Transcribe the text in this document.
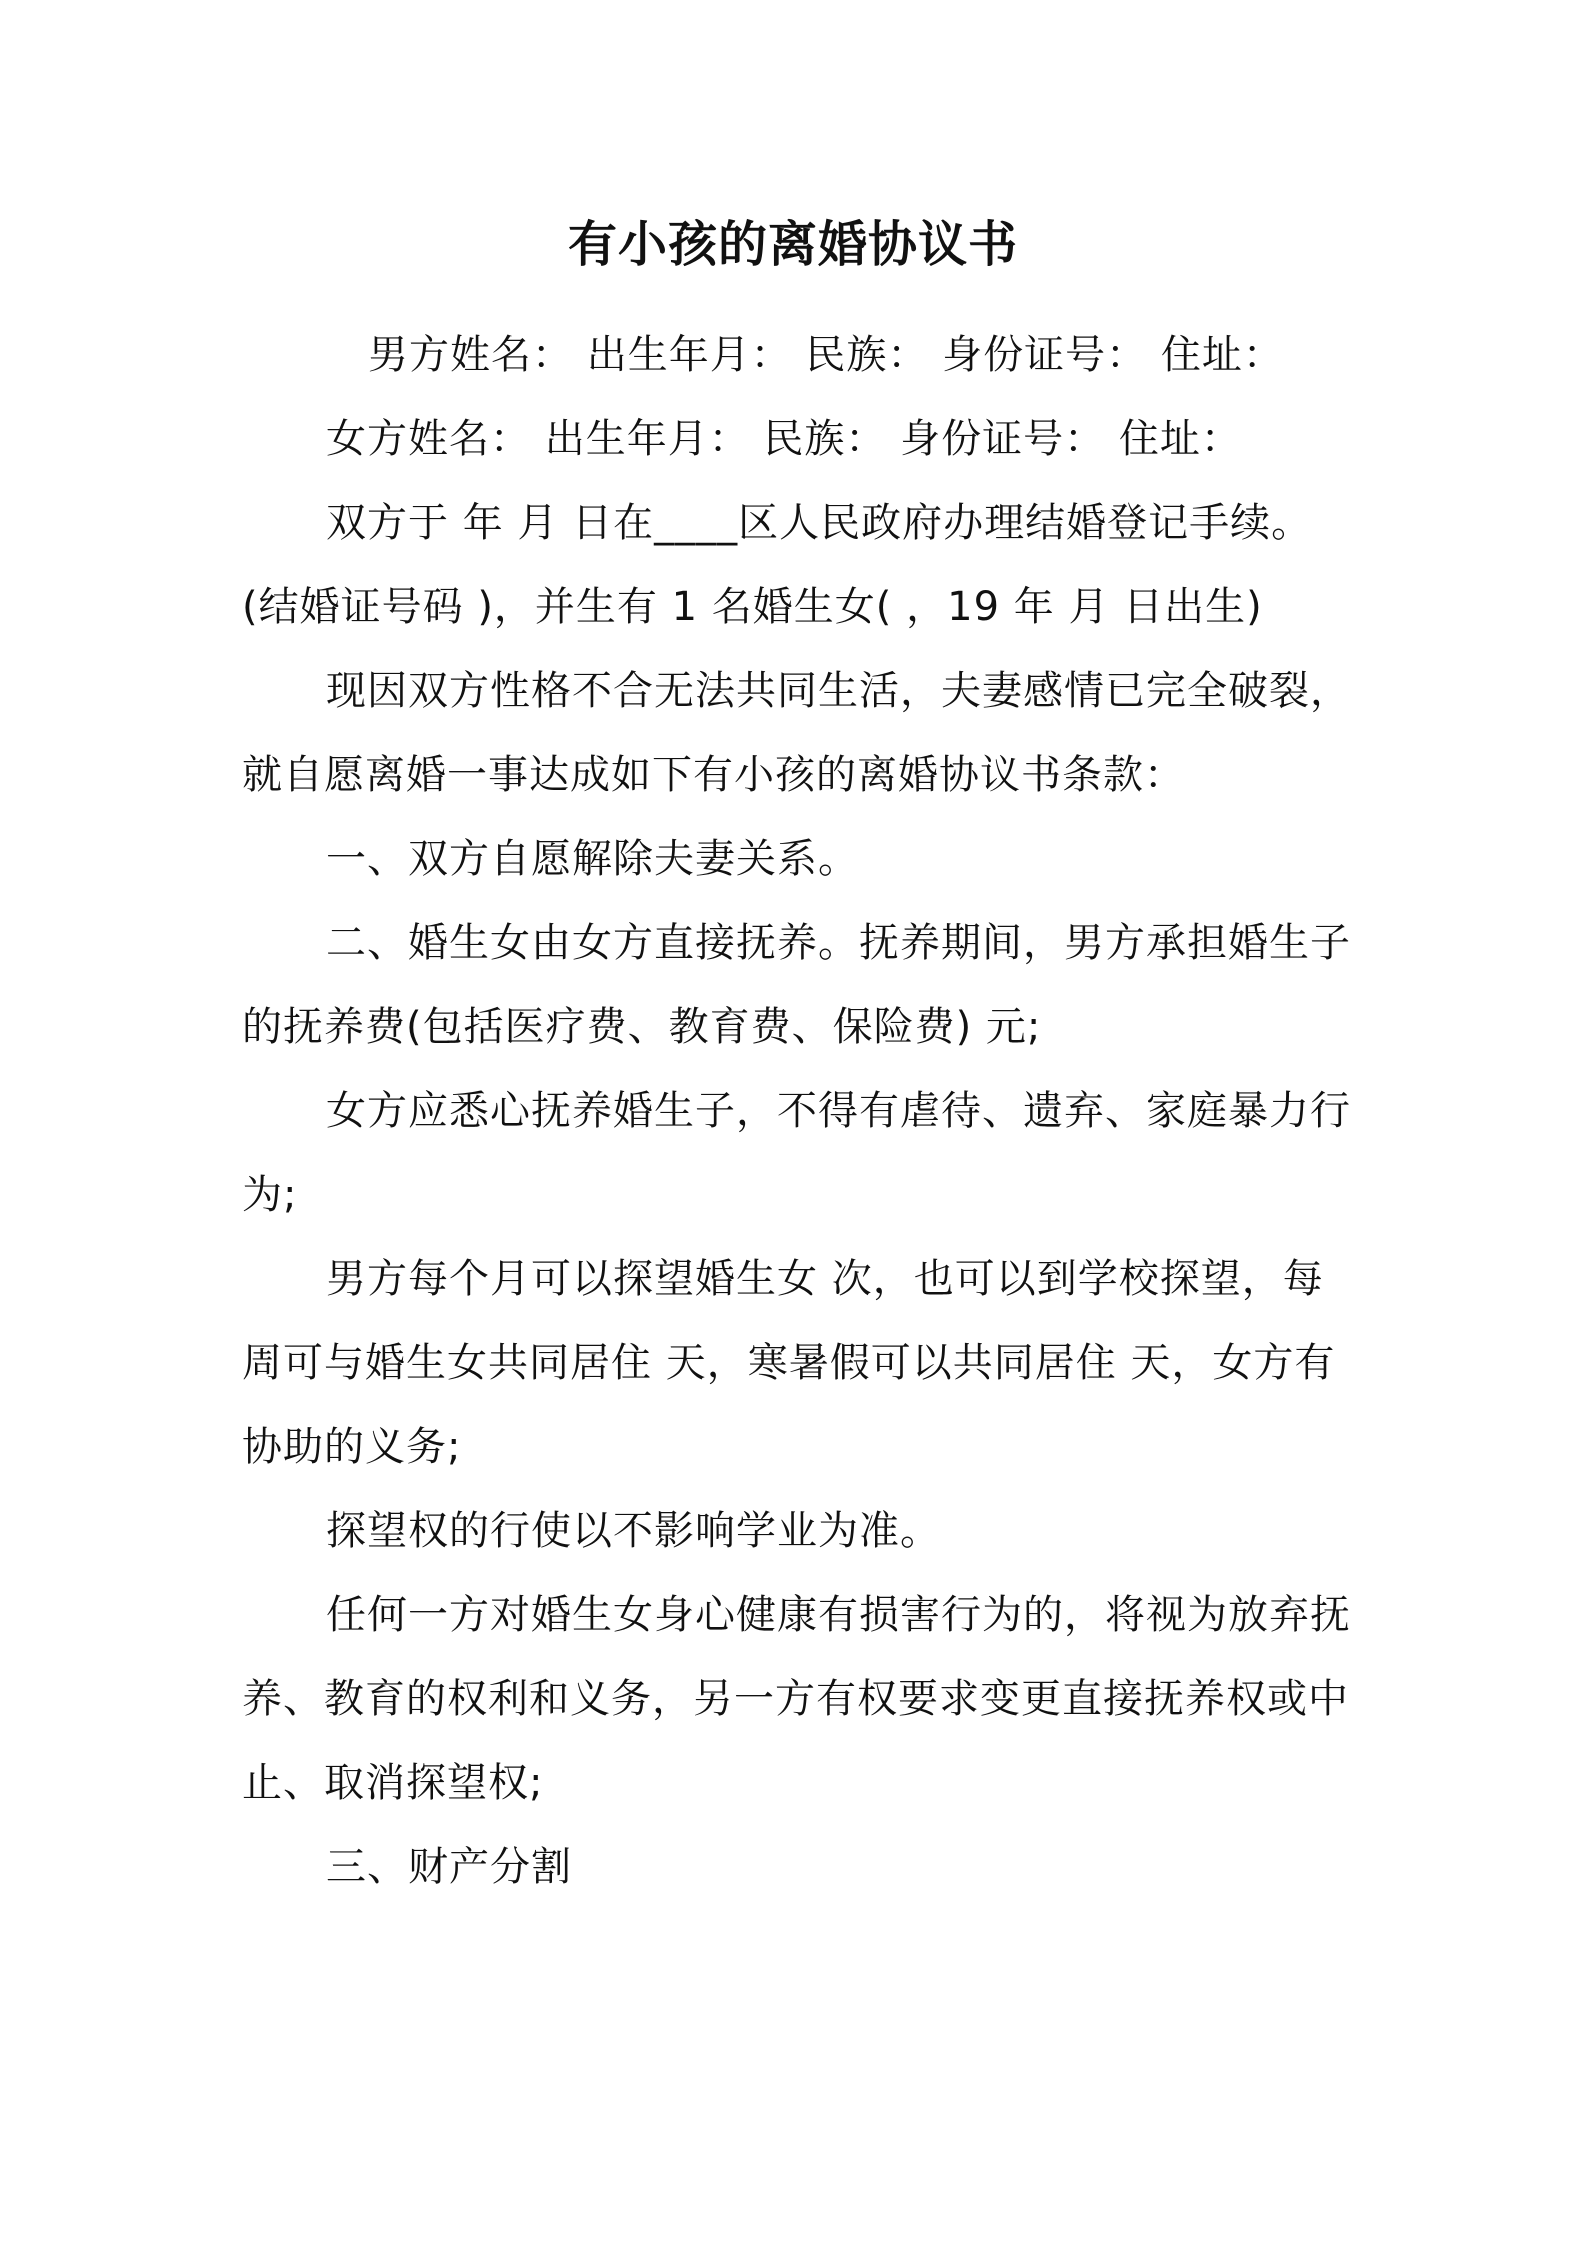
有小孩的离婚协议书

男方姓名： 出生年月： 民族： 身份证号： 住址：

女方姓名： 出生年月： 民族： 身份证号： 住址：

双方于 年 月 日在____区人民政府办理结婚登记手续。(结婚证号码 )，并生有 1 名婚生女( ，19 年 月 日出生)

现因双方性格不合无法共同生活，夫妻感情已完全破裂，就自愿离婚一事达成如下有小孩的离婚协议书条款：

一、双方自愿解除夫妻关系。

二、婚生女由女方直接抚养。抚养期间，男方承担婚生子的抚养费(包括医疗费、教育费、保险费) 元;

女方应悉心抚养婚生子，不得有虐待、遗弃、家庭暴力行为;

男方每个月可以探望婚生女 次，也可以到学校探望，每周可与婚生女共同居住 天，寒暑假可以共同居住 天，女方有协助的义务;

探望权的行使以不影响学业为准。

任何一方对婚生女身心健康有损害行为的，将视为放弃抚养、教育的权利和义务，另一方有权要求变更直接抚养权或中止、取消探望权;

三、财产分割
